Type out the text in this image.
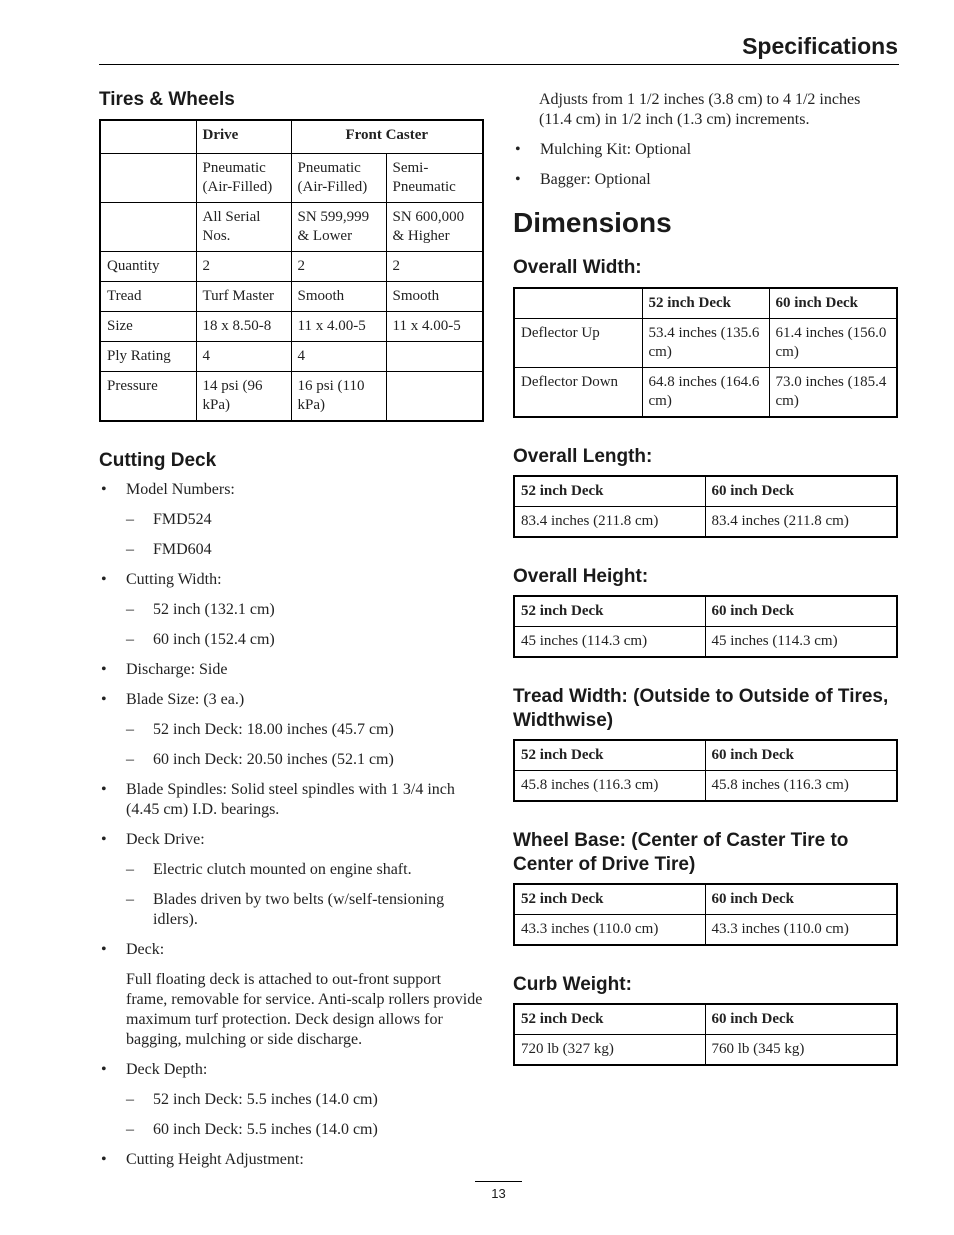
Specifications
Tires & Wheels
	Drive	Front Caster	
	Pneumatic (Air-Filled)	Pneumatic (Air-Filled)	Semi-Pneumatic
	All Serial Nos.	SN 599,999 & Lower	SN 600,000 & Higher
Quantity	2	2	2
Tread	Turf Master	Smooth	Smooth
Size	18 x 8.50-8	11 x 4.00-5	11 x 4.00-5
Ply Rating	4	4	
Pressure	14 psi (96 kPa)	16 psi (110 kPa)	
Cutting Deck
• Model Numbers:
– FMD524
– FMD604
• Cutting Width:
– 52 inch (132.1 cm)
– 60 inch (152.4 cm)
• Discharge: Side
• Blade Size: (3 ea.)
– 52 inch Deck: 18.00 inches (45.7 cm)
– 60 inch Deck: 20.50 inches (52.1 cm)
• Blade Spindles: Solid steel spindles with 1 3/4 inch (4.45 cm) I.D. bearings.
• Deck Drive:
– Electric clutch mounted on engine shaft.
– Blades driven by two belts (w/self-tensioning idlers).
• Deck:
Full floating deck is attached to out-front support frame, removable for service. Anti-scalp rollers provide maximum turf protection. Deck design allows for bagging, mulching or side discharge.
• Deck Depth:
– 52 inch Deck: 5.5 inches (14.0 cm)
– 60 inch Deck: 5.5 inches (14.0 cm)
• Cutting Height Adjustment:
Adjusts from 1 1/2 inches (3.8 cm) to 4 1/2 inches (11.4 cm) in 1/2 inch (1.3 cm) increments.
• Mulching Kit: Optional
• Bagger: Optional
Dimensions
Overall Width:
	52 inch Deck	60 inch Deck
Deflector Up	53.4 inches (135.6 cm)	61.4 inches (156.0 cm)
Deflector Down	64.8 inches (164.6 cm)	73.0 inches (185.4 cm)
Overall Length:
52 inch Deck	60 inch Deck
83.4 inches (211.8 cm)	83.4 inches (211.8 cm)
Overall Height:
52 inch Deck	60 inch Deck
45 inches (114.3 cm)	45 inches (114.3 cm)
Tread Width: (Outside to Outside of Tires, Widthwise)
52 inch Deck	60 inch Deck
45.8 inches (116.3 cm)	45.8 inches (116.3 cm)
Wheel Base: (Center of Caster Tire to Center of Drive Tire)
52 inch Deck	60 inch Deck
43.3 inches (110.0 cm)	43.3 inches (110.0 cm)
Curb Weight:
52 inch Deck	60 inch Deck
720 lb (327 kg)	760 lb (345 kg)
13
